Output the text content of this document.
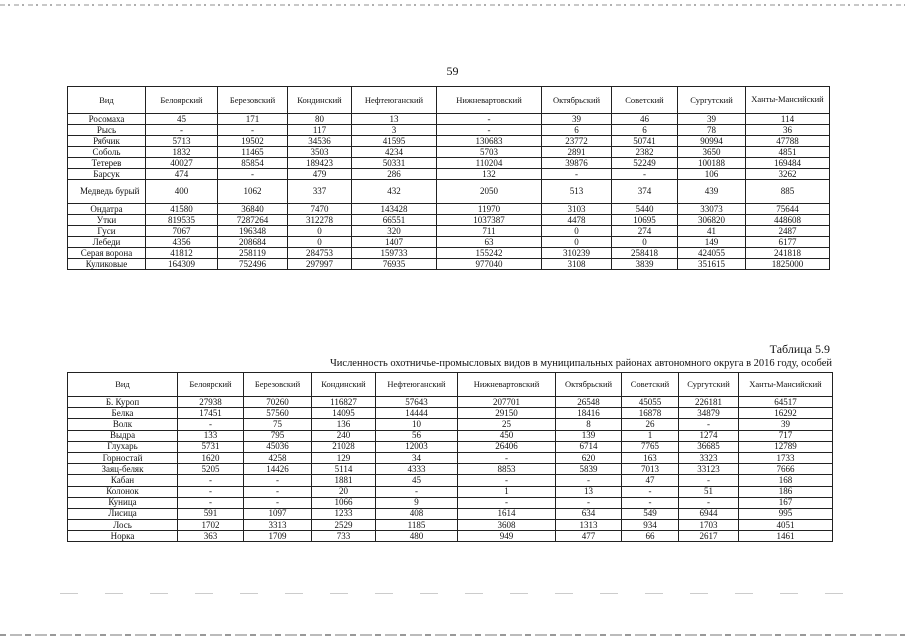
59
Вид	Белоярский	Березовский	Кондинский	Нефтеюганский	Нижневартовский	Октябрьский	Советский	Сургутский	Ханты-Мансийский
Росомаха	45	171	80	13	-	39	46	39	114
Рысь	-	-	117	3	-	6	6	78	36
Рябчик	5713	19502	34536	41595	130683	23772	50741	90994	47788
Соболь	1832	11465	3503	4234	5703	2891	2382	3650	4851
Тетерев	40027	85854	189423	50331	110204	39876	52249	100188	169484
Барсук	474	-	479	286	132	-	-	106	3262
Медведь бурый	400	1062	337	432	2050	513	374	439	885
Ондатра	41580	36840	7470	143428	11970	3103	5440	33073	75644
Утки	819535	7287264	312278	66551	1037387	4478	10695	306820	448608
Гуси	7067	196348	0	320	711	0	274	41	2487
Лебеди	4356	208684	0	1407	63	0	0	149	6177
Серая ворона	41812	258119	284753	159733	155242	310239	258418	424055	241818
Куликовые	164309	752496	297997	76935	977040	3108	3839	351615	1825000
Таблица 5.9
Численность охотничье-промысловых видов в муниципальных районах автономного округа в 2016 году, особей
Вид	Белоярский	Березовский	Кондинский	Нефтеюганский	Нижневартовский	Октябрьский	Советский	Сургутский	Ханты-Мансийский
Б. Куроп	27938	70260	116827	57643	207701	26548	45055	226181	64517
Белка	17451	57560	14095	14444	29150	18416	16878	34879	16292
Волк	-	75	136	10	25	8	26	-	39
Выдра	133	795	240	56	450	139	1	1274	717
Глухарь	5731	45036	21028	12003	26406	6714	7765	36685	12789
Горностай	1620	4258	129	34	-	620	163	3323	1733
Заяц-беляк	5205	14426	5114	4333	8853	5839	7013	33123	7666
Кабан	-	-	1881	45	-	-	47	-	168
Колонок	-	-	20	-	1	13	-	51	186
Куница	-	-	1066	9	-	-	-	-	167
Лисица	591	1097	1233	408	1614	634	549	6944	995
Лось	1702	3313	2529	1185	3608	1313	934	1703	4051
Норка	363	1709	733	480	949	477	66	2617	1461
